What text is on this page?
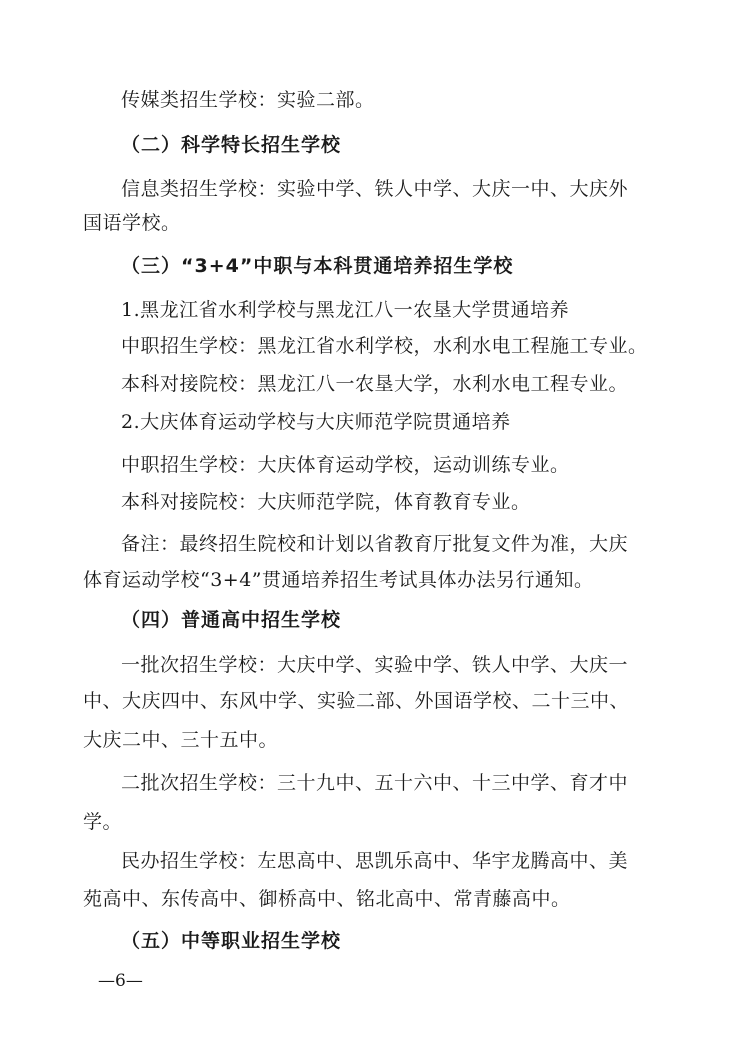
传媒类招生学校：实验二部。
（二）科学特长招生学校
信息类招生学校：实验中学、铁人中学、大庆一中、大庆外
国语学校。
（三）“3+4”中职与本科贯通培养招生学校
1.黑龙江省水利学校与黑龙江八一农垦大学贯通培养
中职招生学校：黑龙江省水利学校，水利水电工程施工专业。
本科对接院校：黑龙江八一农垦大学，水利水电工程专业。
2.大庆体育运动学校与大庆师范学院贯通培养
中职招生学校：大庆体育运动学校，运动训练专业。
本科对接院校：大庆师范学院，体育教育专业。
备注：最终招生院校和计划以省教育厅批复文件为准，大庆
体育运动学校“3+4”贯通培养招生考试具体办法另行通知。
（四）普通高中招生学校
一批次招生学校：大庆中学、实验中学、铁人中学、大庆一
中、大庆四中、东风中学、实验二部、外国语学校、二十三中、
大庆二中、三十五中。
二批次招生学校：三十九中、五十六中、十三中学、育才中
学。
民办招生学校：左思高中、思凯乐高中、华宇龙腾高中、美
苑高中、东传高中、御桥高中、铭北高中、常青藤高中。
（五）中等职业招生学校
—6—
